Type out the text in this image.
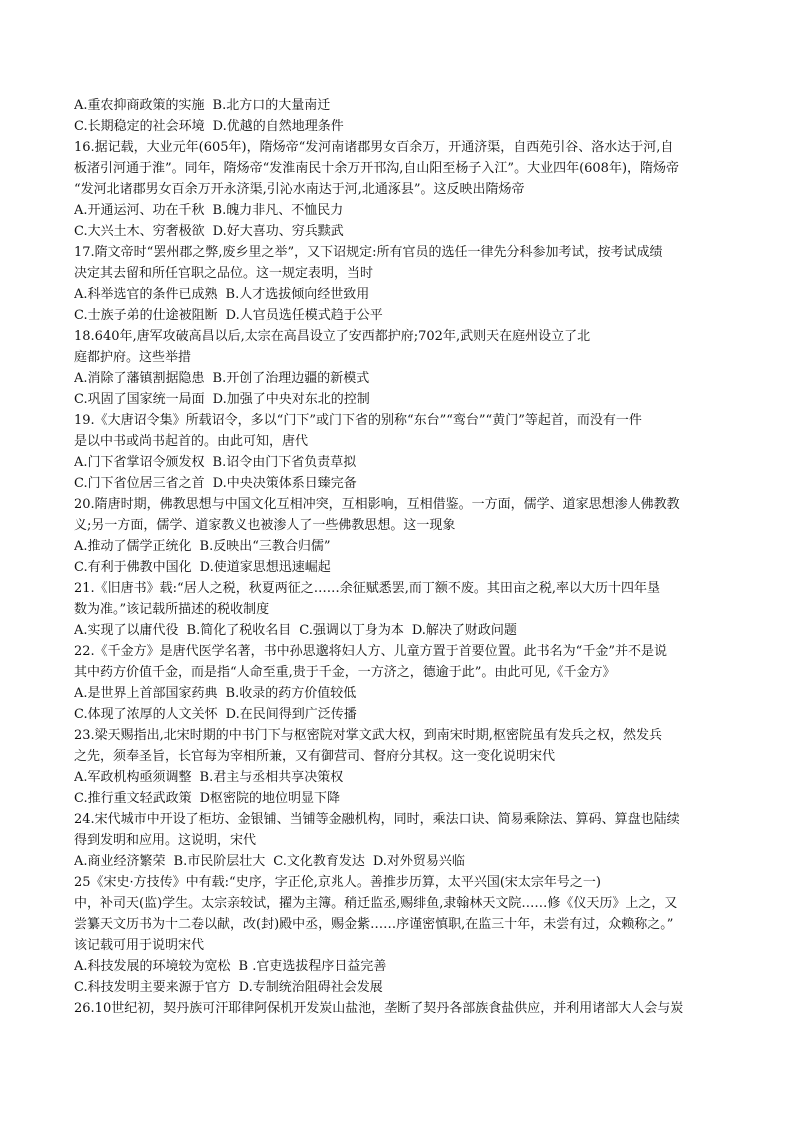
A.重农抑商政策的实施 B.北方口的大量南迁
C.长期稳定的社会环境 D.优越的自然地理条件
16.据记载，大业元年(605年)，隋炀帝“发河南诸郡男女百余万，开通济渠，自西苑引谷、洛水达于河,自
板渚引河通于淮”。同年，隋炀帝“发淮南民十余万开邗沟,自山阳至杨子入江”。大业四年(608年)，隋炀帝
“发河北诸郡男女百余万开永济渠,引沁水南达于河,北通涿县”。这反映出隋炀帝
A.开通运河、功在千秋 B.魄力非凡、不恤民力
C.大兴土木、穷奢极欲 D.好大喜功、穷兵黩武
17.隋文帝时“罢州郡之弊,废乡里之举”，又下诏规定:所有官员的选任一律先分科参加考试，按考试成绩
决定其去留和所任官职之品位。这一规定表明，当时
A.科举选官的条件已成熟 B.人才选拔倾向经世致用
C.士族子弟的仕途被阻断 D.人官员选任模式趋于公平
18.640年,唐军攻破高昌以后,太宗在高昌设立了安西都护府;702年,武则天在庭州设立了北
庭都护府。这些举措
A.消除了藩镇割据隐患 B.开创了治理边疆的新模式
C.巩固了国家统一局面 D.加强了中央对东北的控制
19.《大唐诏令集》所载诏令，多以“门下”或门下省的别称“东台”“鸾台”“黄门”等起首，而没有一件
是以中书或尚书起首的。由此可知，唐代
A.门下省掌诏令颁发权 B.诏令由门下省负责草拟
C.门下省位居三省之首 D.中央决策体系日臻完备
20.隋唐时期，佛教思想与中国文化互相冲突，互相影响，互相借鉴。一方面，儒学、道家思想渗人佛教教
义;另一方面，儒学、道家教义也被渗人了一些佛教思想。这一现象
A.推动了儒学正统化 B.反映出“三教合归儒”
C.有利于佛教中国化 D.使道家思想迅速崛起
21.《旧唐书》载:“居人之税，秋夏两征之……余征赋悉罢,而丁额不废。其田亩之税,率以大历十四年垦
数为准。”该记载所描述的税收制度
A.实现了以庸代役 B.简化了税收名目 C.强调以丁身为本 D.解决了财政问题
22.《千金方》是唐代医学名著，书中孙思邈将妇人方、儿童方置于首要位置。此书名为“千金”并不是说
其中药方价值千金，而是指“人命至重,贵于千金，一方济之，德逾于此”。由此可见,《千金方》
A.是世界上首部国家药典 B.收录的药方价值较低
C.体现了浓厚的人文关怀 D.在民间得到广泛传播
23.梁天赐指出,北宋时期的中书门下与枢密院对掌文武大权，到南宋时期,枢密院虽有发兵之权，然发兵
之先，须奉圣旨，长官每为宰相所兼，又有御营司、督府分其权。这一变化说明宋代
A.军政机构亟须调整 B.君主与丞相共享决策权
C.推行重文轻武政策 D枢密院的地位明显下降
24.宋代城市中开设了柜坊、金银铺、当铺等金融机构，同时，乘法口诀、简易乘除法、算码、算盘也陆续
得到发明和应用。这说明，宋代
A.商业经济繁荣 B.市民阶层壮大 C.文化教育发达 D.对外贸易兴临
25《宋史·方技传》中有载:“史序，字正伦,京兆人。善推步历算，太平兴国(宋太宗年号之一)
中，补司天(监)学生。太宗亲较试，擢为主簿。稍迁监丞,赐绯鱼,隶翰林天文院……修《仪天历》上之，又
尝纂天文历书为十二卷以献，改(封)殿中丞，赐金紫……序谨密慎职,在监三十年，未尝有过，众赖称之。”
该记载可用于说明宋代
A.科技发展的环境较为宽松 B .官吏选拔程序日益完善
C.科技发明主要来源于官方 D.专制统治阻碍社会发展
26.10世纪初，契丹族可汗耶律阿保机开发炭山盐池，垄断了契丹各部族食盐供应，并利用诸部大人会与炭
